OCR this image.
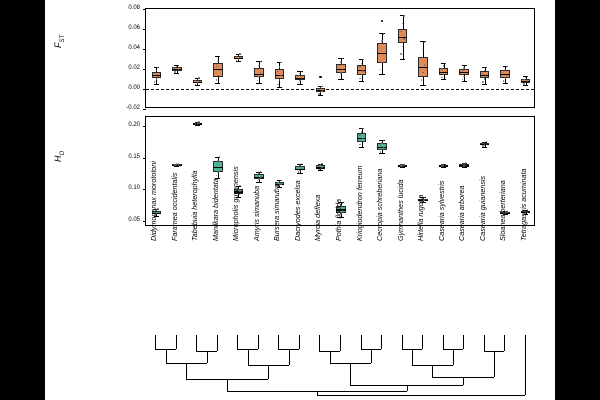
$F_{ST}$
-0.02
0.00
0.02
0.04
0.06
0.08
$H_O$
0.05
0.10
0.15
0.20
Didymopanax morototoni Faramea occidentalis Tabebuia heterophylla Manilkara bidentata Micropholis guyanensis Amyris simanuba Bursera simaruba Dacryodes excelsa Myrcia deflexa Pothia florida Kriogiodendron ferreum Cecropia schreberiana Gymnanthes lucida Hirtella rugosa Casearia sylvestris Casearia arborea Casearia guianensis Sloanea berteriana Tetragastris acuminata
